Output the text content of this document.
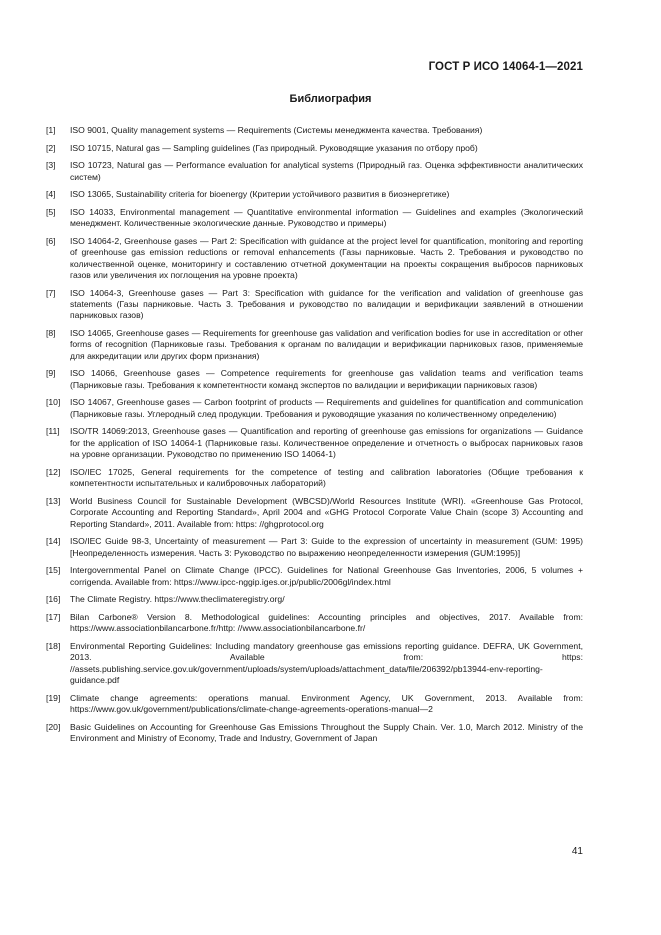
ГОСТ Р ИСО 14064-1—2021
Библиография
[1]	ISO 9001, Quality management systems — Requirements (Системы менеджмента качества. Требования)
[2]	ISO 10715, Natural gas — Sampling guidelines (Газ природный. Руководящие указания по отбору проб)
[3]	ISO 10723, Natural gas — Performance evaluation for analytical systems (Природный газ. Оценка эффективности аналитических систем)
[4]	ISO 13065, Sustainability criteria for bioenergy (Критерии устойчивого развития в биоэнергетике)
[5]	ISO 14033, Environmental management — Quantitative environmental information — Guidelines and examples (Экологический менеджмент. Количественные экологические данные. Руководство и примеры)
[6]	ISO 14064-2, Greenhouse gases — Part 2: Specification with guidance at the project level for quantification, monitoring and reporting of greenhouse gas emission reductions or removal enhancements (Газы парниковые. Часть 2. Требования и руководство по количественной оценке, мониторингу и составлению отчетной документации на проекты сокращения выбросов парниковых газов или увеличения их поглощения на уровне проекта)
[7]	ISO 14064-3, Greenhouse gases — Part 3: Specification with guidance for the verification and validation of greenhouse gas statements (Газы парниковые. Часть 3. Требования и руководство по валидации и верификации заявлений в отношении парниковых газов)
[8]	ISO 14065, Greenhouse gases — Requirements for greenhouse gas validation and verification bodies for use in accreditation or other forms of recognition (Парниковые газы. Требования к органам по валидации и верификации парниковых газов, применяемые для аккредитации или других форм признания)
[9]	ISO 14066, Greenhouse gases — Competence requirements for greenhouse gas validation teams and verification teams (Парниковые газы. Требования к компетентности команд экспертов по валидации и верификации парниковых газов)
[10]	ISO 14067, Greenhouse gases — Carbon footprint of products — Requirements and guidelines for quantification and communication (Парниковые газы. Углеродный след продукции. Требования и руководящие указания по количественному определению)
[11]	ISO/TR 14069:2013, Greenhouse gases — Quantification and reporting of greenhouse gas emissions for organizations — Guidance for the application of ISO 14064-1 (Парниковые газы. Количественное определение и отчетность о выбросах парниковых газов на уровне организации. Руководство по применению ISO 14064-1)
[12]	ISO/IEC 17025, General requirements for the competence of testing and calibration laboratories (Общие требования к компетентности испытательных и калибровочных лабораторий)
[13]	World Business Council for Sustainable Development (WBCSD)/World Resources Institute (WRI). «Greenhouse Gas Protocol, Corporate Accounting and Reporting Standard», April 2004 and «GHG Protocol Corporate Value Chain (scope 3) Accounting and Reporting Standard», 2011. Available from: https: //ghgprotocol.org
[14]	ISO/IEC Guide 98-3, Uncertainty of measurement — Part 3: Guide to the expression of uncertainty in measurement (GUM: 1995) [Неопределенность измерения. Часть 3: Руководство по выражению неопределенности измерения (GUM:1995)]
[15]	Intergovernmental Panel on Climate Change (IPCC). Guidelines for National Greenhouse Gas Inventories, 2006, 5 volumes + corrigenda. Available from: https://www.ipcc-nggip.iges.or.jp/public/2006gl/index.html
[16]	The Climate Registry. https://www.theclimateregistry.org/
[17]	Bilan Carbone® Version 8. Methodological guidelines: Accounting principles and objectives, 2017. Available from: https://www.associationbilancarbone.fr/http: //www.associationbilancarbone.fr/
[18]	Environmental Reporting Guidelines: Including mandatory greenhouse gas emissions reporting guidance. DEFRA, UK Government, 2013. Available from: https: //assets.publishing.service.gov.uk/government/uploads/system/uploads/attachment_data/file/206392/pb13944-env-reporting-guidance.pdf
[19]	Climate change agreements: operations manual. Environment Agency, UK Government, 2013. Available from: https://www.gov.uk/government/publications/climate-change-agreements-operations-manual—2
[20]	Basic Guidelines on Accounting for Greenhouse Gas Emissions Throughout the Supply Chain. Ver. 1.0, March 2012. Ministry of the Environment and Ministry of Economy, Trade and Industry, Government of Japan
41
